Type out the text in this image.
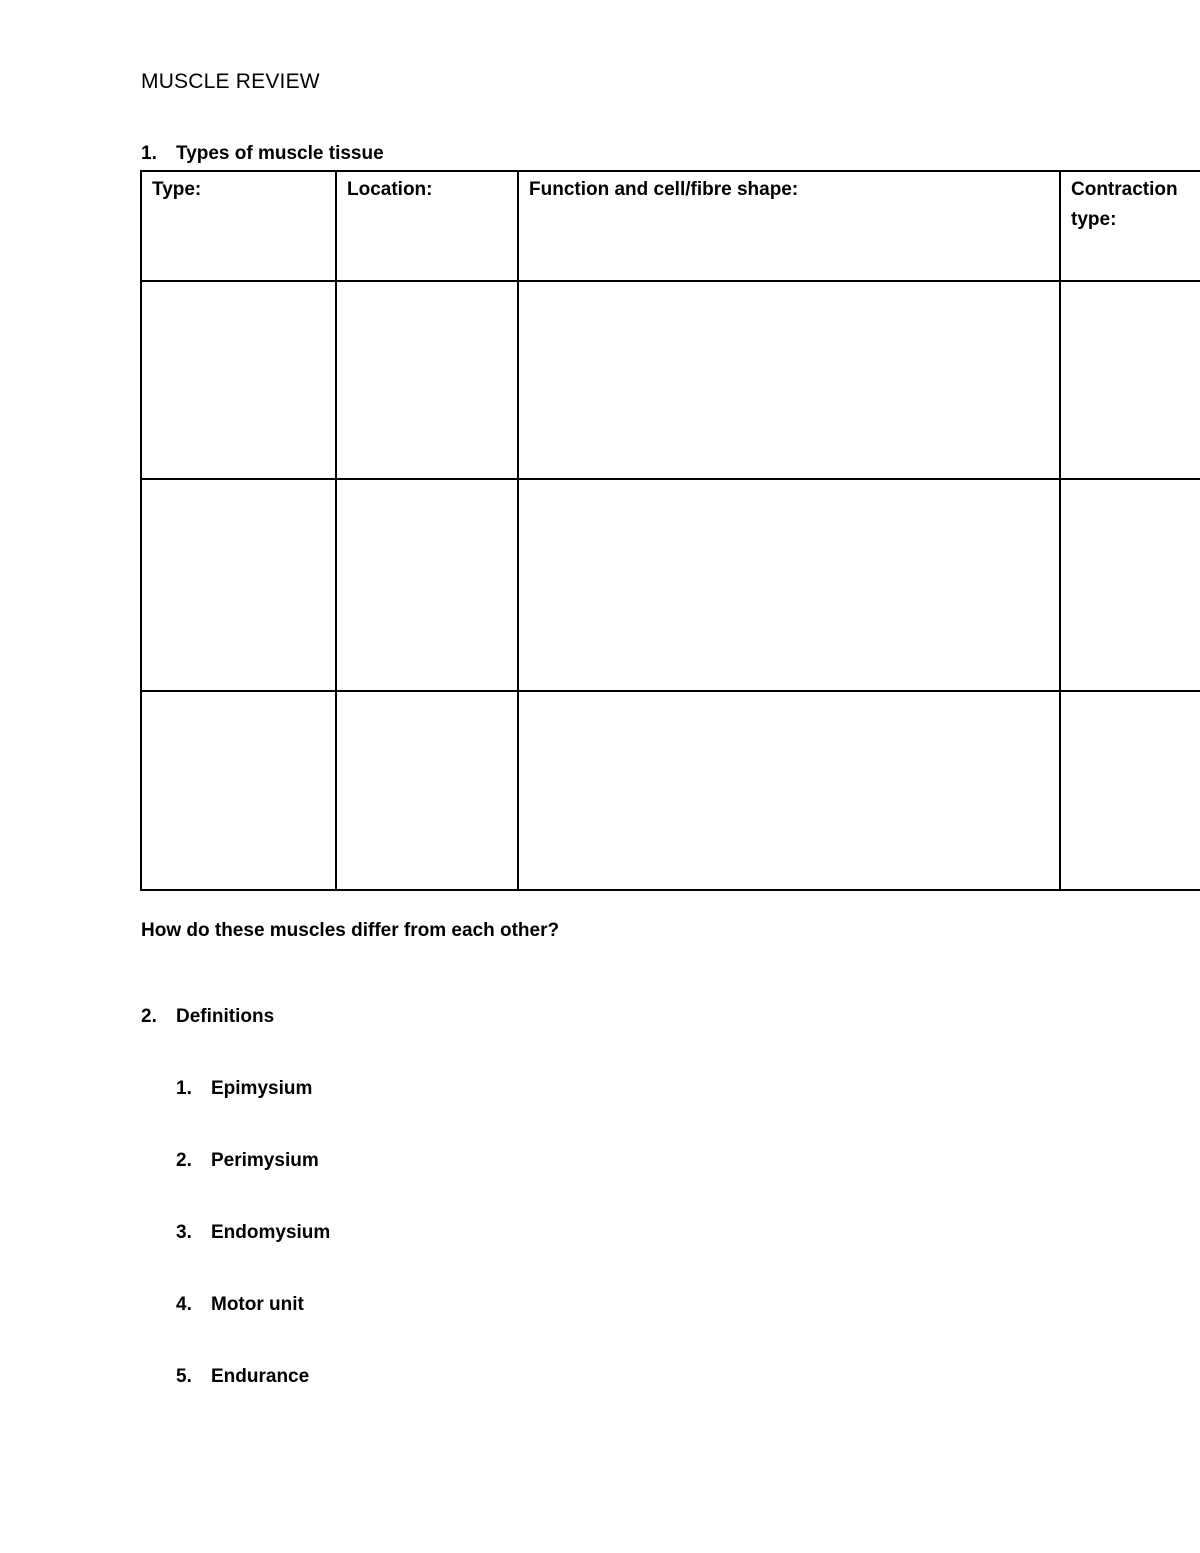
MUSCLE REVIEW
1. Types of muscle tissue
Type:	Location:	Function and cell/fibre shape:	Contraction type:

How do these muscles differ from each other?
2. Definitions
1. Epimysium
2. Perimysium
3. Endomysium
4. Motor unit
5. Endurance
